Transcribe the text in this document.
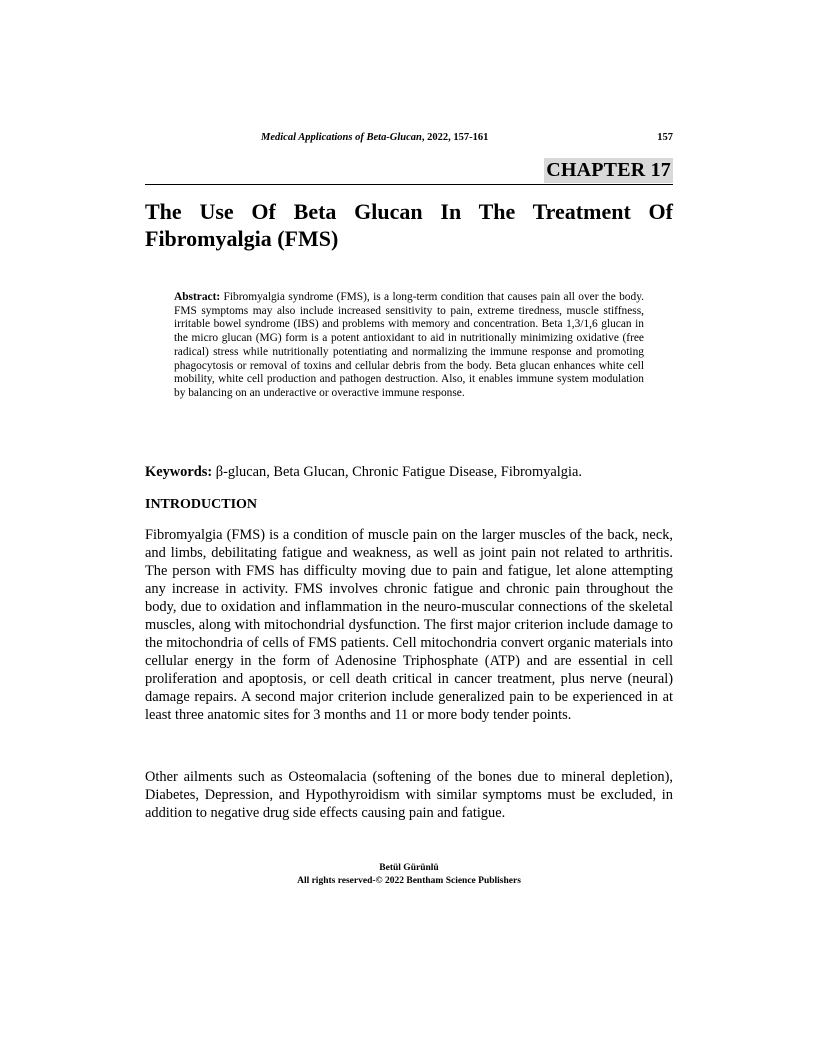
Medical Applications of Beta-Glucan, 2022, 157-161	157
CHAPTER 17
The Use Of Beta Glucan In The Treatment Of Fibromyalgia (FMS)

Abstract: Fibromyalgia syndrome (FMS), is a long-term condition that causes pain all over the body. FMS symptoms may also include increased sensitivity to pain, extreme tiredness, muscle stiffness, irritable bowel syndrome (IBS) and problems with memory and concentration. Beta 1,3/1,6 glucan in the micro glucan (MG) form is a potent antioxidant to aid in nutritionally minimizing oxidative (free radical) stress while nutritionally potentiating and normalizing the immune response and promoting phagocytosis or removal of toxins and cellular debris from the body. Beta glucan enhances white cell mobility, white cell production and pathogen destruction. Also, it enables immune system modulation by balancing on an underactive or overactive immune response.

Keywords: β-glucan, Beta Glucan, Chronic Fatigue Disease, Fibromyalgia.

INTRODUCTION

Fibromyalgia (FMS) is a condition of muscle pain on the larger muscles of the back, neck, and limbs, debilitating fatigue and weakness, as well as joint pain not related to arthritis. The person with FMS has difficulty moving due to pain and fatigue, let alone attempting any increase in activity. FMS involves chronic fatigue and chronic pain throughout the body, due to oxidation and inflammation in the neuro-muscular connections of the skeletal muscles, along with mitochondrial dysfunction. The first major criterion include damage to the mitochondria of cells of FMS patients. Cell mitochondria convert organic materials into cellular energy in the form of Adenosine Triphosphate (ATP) and are essential in cell proliferation and apoptosis, or cell death critical in cancer treatment, plus nerve (neural) damage repairs. A second major criterion include generalized pain to be experienced in at least three anatomic sites for 3 months and 11 or more body tender points.

Other ailments such as Osteomalacia (softening of the bones due to mineral depletion), Diabetes, Depression, and Hypothyroidism with similar symptoms must be excluded, in addition to negative drug side effects causing pain and fatigue.

Betül Gürünlü
All rights reserved-© 2022 Bentham Science Publishers
